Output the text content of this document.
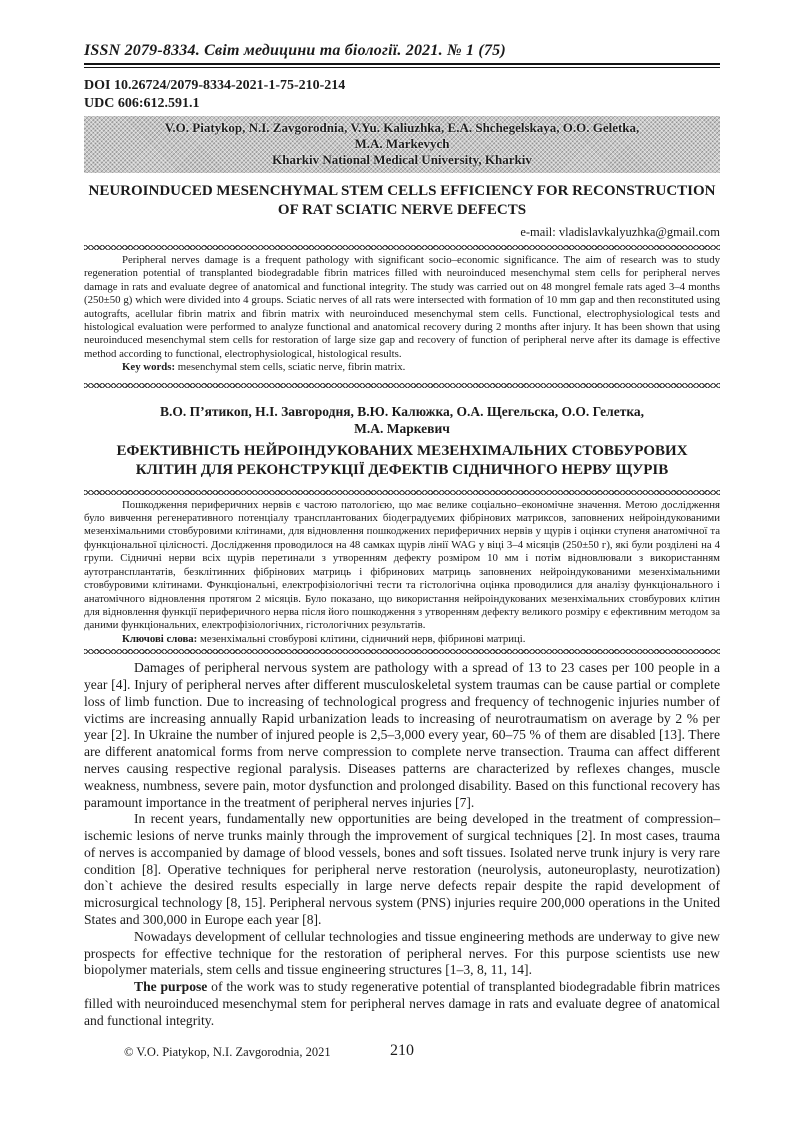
ISSN 2079-8334. Світ медицини та біології. 2021. № 1 (75)
DOI 10.26724/2079-8334-2021-1-75-210-214
UDC 606:612.591.1
V.O. Piatykop, N.I. Zavgorodnia, V.Yu. Kaliuzhka, E.A. Shchegelskaya, O.O. Geletka,
M.A. Markevych
Kharkiv National Medical University, Kharkiv
NEUROINDUCED MESENCHYMAL STEM CELLS EFFICIENCY FOR RECONSTRUCTION
OF RAT SCIATIC NERVE DEFECTS
e-mail: vladislavkalyuzhka@gmail.com

Peripheral nerves damage is a frequent pathology with significant socio–economic significance. The aim of research was to study regeneration potential of transplanted biodegradable fibrin matrices filled with neuroinduced mesenchymal stem cells for peripheral nerves damage in rats and evaluate degree of anatomical and functional integrity. The study was carried out on 48 mongrel female rats aged 3–4 months (250±50 g) which were divided into 4 groups. Sciatic nerves of all rats were intersected with formation of 10 mm gap and then reconstituted using autografts, acellular fibrin matrix and fibrin matrix with neuroinduced mesenchymal stem cells. Functional, electrophysiological tests and histological evaluation were performed to analyze functional and anatomical recovery during 2 months after injury. It has been shown that using neuroinduced mesenchymal stem cells for restoration of large size gap and recovery of function of peripheral nerve after its damage is effective method according to functional, electrophysiological, histological results.

Key words: mesenchymal stem cells, sciatic nerve, fibrin matrix.

В.О. П’ятикоп, Н.І. Завгородня, В.Ю. Калюжка, О.А. Щегельска, О.О. Гелетка,
М.А. Маркевич
ЕФЕКТИВНІСТЬ НЕЙРОІНДУКОВАНИХ МЕЗЕНХІМАЛЬНИХ СТОВБУРОВИХ
КЛІТИН ДЛЯ РЕКОНСТРУКЦІЇ ДЕФЕКТІВ СІДНИЧНОГО НЕРВУ ЩУРІВ

Пошкодження периферичних нервів є частою патологією, що має велике соціально–економічне значення. Метою дослідження було вивчення регенеративного потенціалу трансплантованих біодеградуємих фібрінових матриксов, заповнених нейроіндукованими мезенхімальними стовбуровими клітинами, для відновлення пошкоджених периферичних нервів у щурів і оцінки ступеня анатомічної та функціональної цілісності. Дослідження проводилося на 48 самках щурів лінії WAG у віці 3–4 місяців (250±50 г), які були розділені на 4 групи. Сідничні нерви всіх щурів перетинали з утворенням дефекту розміром 10 мм і потім відновлювали з використанням аутотрансплантатів, безклітинних фібрінових матриць і фібринових матриць заповнених нейроіндукованими мезенхімальними стовбуровими клітинами. Функціональні, електрофізіологічні тести та гістологічна оцінка проводилися для аналізу функціонального і анатомічного відновлення протягом 2 місяців. Було показано, що використання нейроіндукованих мезенхімальних стовбурових клітин для відновлення функції периферичного нерва після його пошкодження з утворенням дефекту великого розміру є ефективним методом за даними функціональних, електрофізіологічних, гістологічних результатів.

Ключові слова: мезенхімальні стовбурові клітини, сідничний нерв, фібринові матриці.

Damages of peripheral nervous system are pathology with a spread of 13 to 23 cases per 100 people in a year [4]. Injury of peripheral nerves after different musculoskeletal system traumas can be cause partial or complete loss of limb function. Due to increasing of technological progress and frequency of technogenic injuries number of victims are increasing annually Rapid urbanization leads to increasing of neurotraumatism on average by 2 % per year [2]. In Ukraine the number of injured people is 2,5–3,000 every year, 60–75 % of them are disabled [13]. There are different anatomical forms from nerve compression to complete nerve transection. Trauma can affect different nerves causing respective regional paralysis. Diseases patterns are characterized by reflexes changes, muscle weakness, numbness, severe pain, motor dysfunction and prolonged disability. Based on this functional recovery has paramount importance in the treatment of peripheral nerves injuries [7].

In recent years, fundamentally new opportunities are being developed in the treatment of compression–ischemic lesions of nerve trunks mainly through the improvement of surgical techniques [2]. In most cases, trauma of nerves is accompanied by damage of blood vessels, bones and soft tissues. Isolated nerve trunk injury is very rare condition [8]. Operative techniques for peripheral nerve restoration (neurolysis, autoneuroplasty, neurotization) don`t achieve the desired results especially in large nerve defects repair despite the rapid development of microsurgical technology [8, 15]. Peripheral nervous system (PNS) injuries require 200,000 operations in the United States and 300,000 in Europe each year [8].

Nowadays development of cellular technologies and tissue engineering methods are underway to give new prospects for effective technique for the restoration of peripheral nerves. For this purpose scientists use new biopolymer materials, stem cells and tissue engineering structures [1–3, 8, 11, 14].

The purpose of the work was to study regenerative potential of transplanted biodegradable fibrin matrices filled with neuroinduced mesenchymal stem for peripheral nerves damage in rats and evaluate degree of anatomical and functional integrity.

© V.O. Piatykop, N.I. Zavgorodnia, 2021	210
